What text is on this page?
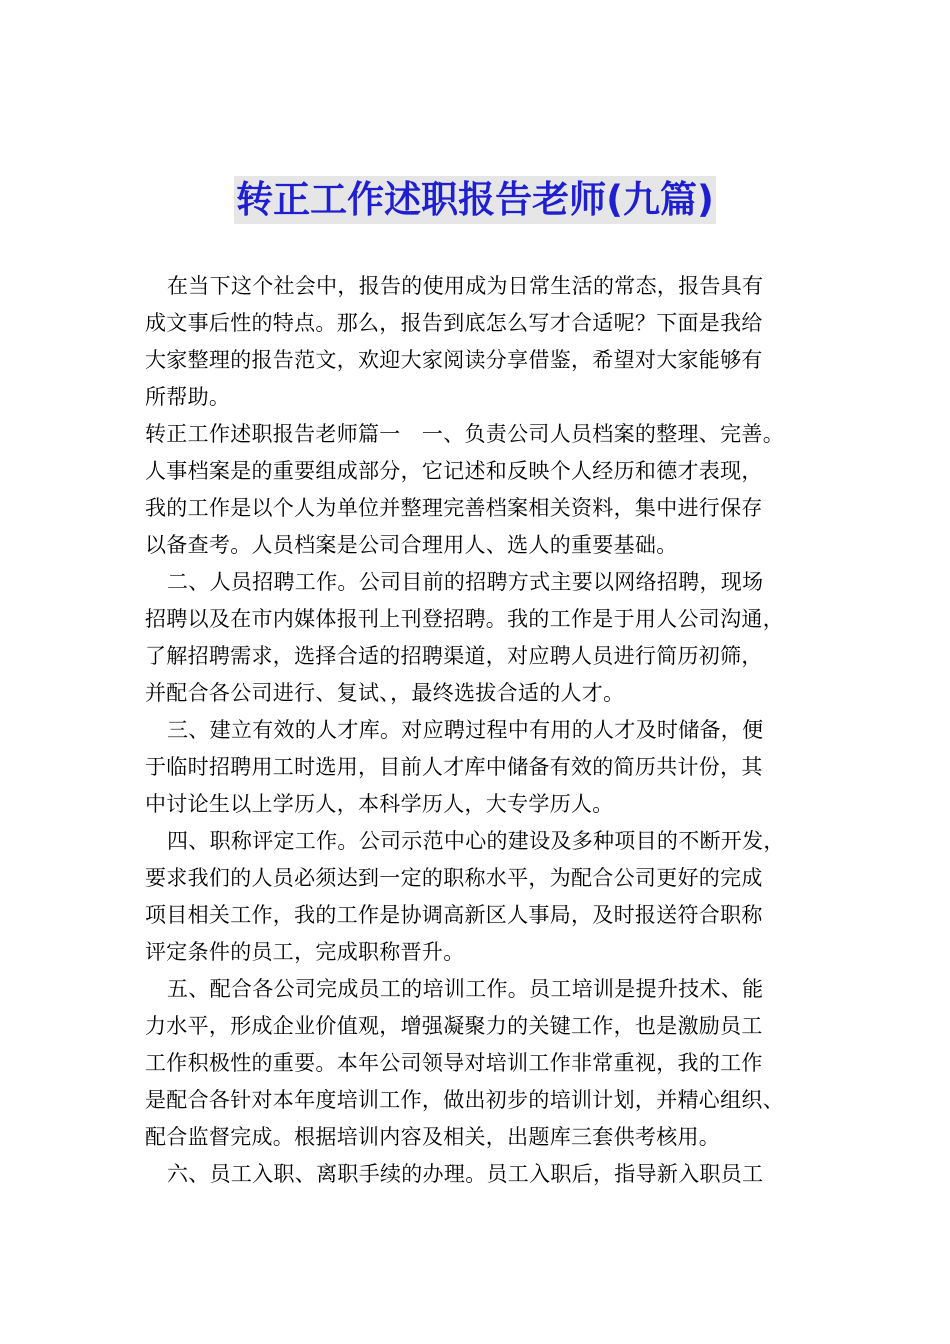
转正工作述职报告老师(九篇)
在当下这个社会中，报告的使用成为日常生活的常态，报告具有
成文事后性的特点。那么，报告到底怎么写才合适呢？下面是我给
大家整理的报告范文，欢迎大家阅读分享借鉴，希望对大家能够有
所帮助。
转正工作述职报告老师篇一　一、负责公司人员档案的整理、完善。
人事档案是的重要组成部分，它记述和反映个人经历和德才表现，
我的工作是以个人为单位并整理完善档案相关资料，集中进行保存
以备查考。人员档案是公司合理用人、选人的重要基础。
二、人员招聘工作。公司目前的招聘方式主要以网络招聘，现场
招聘以及在市内媒体报刊上刊登招聘。我的工作是于用人公司沟通，
了解招聘需求，选择合适的招聘渠道，对应聘人员进行简历初筛，
并配合各公司进行、复试、，最终选拔合适的人才。
三、建立有效的人才库。对应聘过程中有用的人才及时储备，便
于临时招聘用工时选用，目前人才库中储备有效的简历共计份，其
中讨论生以上学历人，本科学历人，大专学历人。
四、职称评定工作。公司示范中心的建设及多种项目的不断开发，
要求我们的人员必须达到一定的职称水平，为配合公司更好的完成
项目相关工作，我的工作是协调高新区人事局，及时报送符合职称
评定条件的员工，完成职称晋升。
五、配合各公司完成员工的培训工作。员工培训是提升技术、能
力水平，形成企业价值观，增强凝聚力的关键工作，也是激励员工
工作积极性的重要。本年公司领导对培训工作非常重视，我的工作
是配合各针对本年度培训工作，做出初步的培训计划，并精心组织、
配合监督完成。根据培训内容及相关，出题库三套供考核用。
六、员工入职、离职手续的办理。员工入职后，指导新入职员工
